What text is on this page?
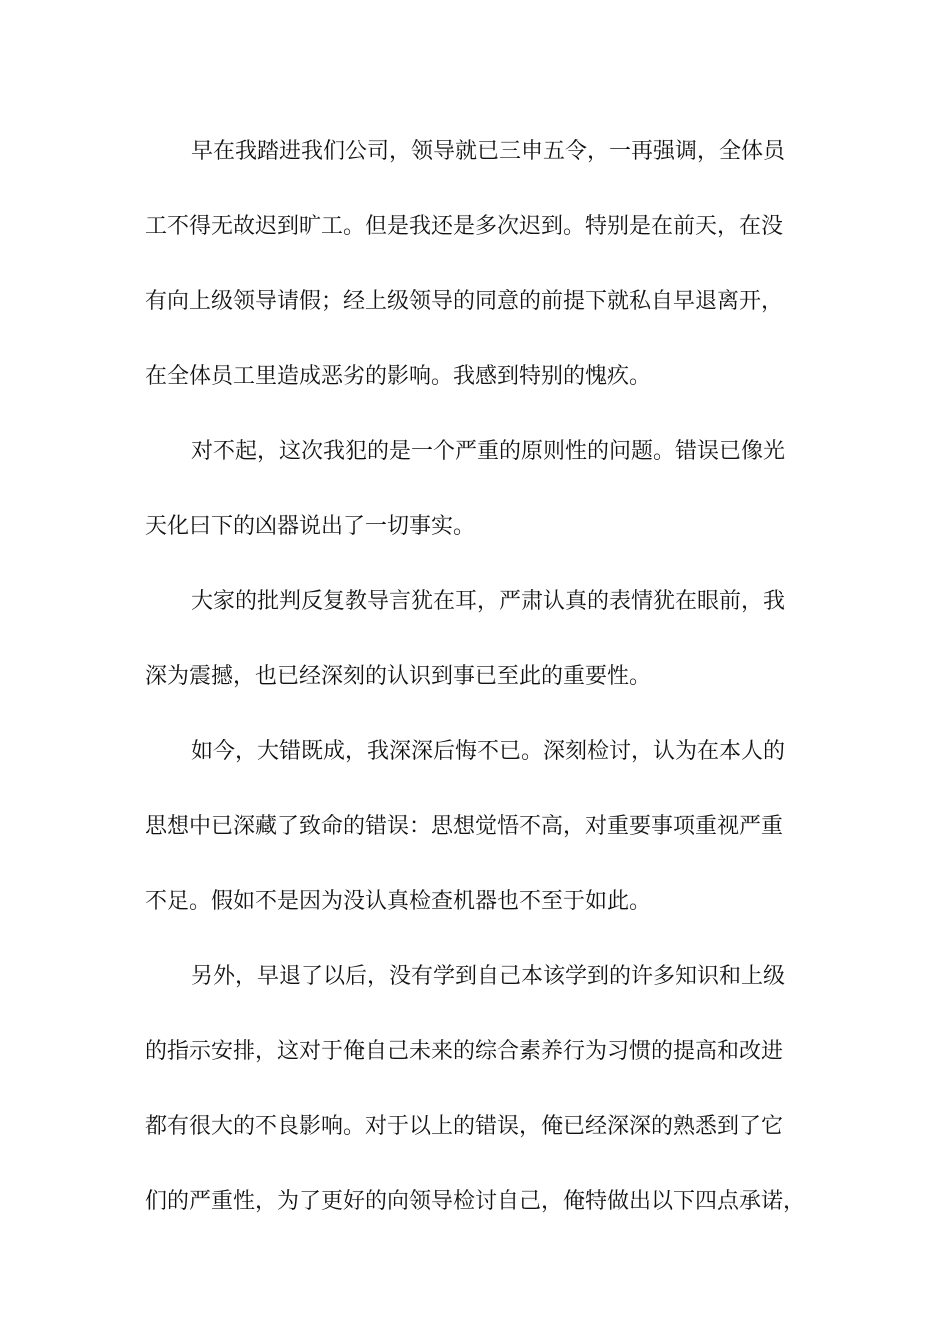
早在我踏进我们公司，领导就已三申五令，一再强调，全体员
工不得无故迟到旷工。但是我还是多次迟到。特别是在前天，在没
有向上级领导请假；经上级领导的同意的前提下就私自早退离开，
在全体员工里造成恶劣的影响。我感到特别的愧疚。
对不起，这次我犯的是一个严重的原则性的问题。错误已像光
天化曰下的凶器说出了一切事实。
大家的批判反复教导言犹在耳，严肃认真的表情犹在眼前，我
深为震撼，也已经深刻的认识到事已至此的重要性。
如今，大错既成，我深深后悔不已。深刻检讨，认为在本人的
思想中已深藏了致命的错误：思想觉悟不高，对重要事项重视严重
不足。假如不是因为没认真检查机器也不至于如此。
另外，早退了以后，没有学到自己本该学到的许多知识和上级
的指示安排，这对于俺自己未来的综合素养行为习惯的提高和改进
都有很大的不良影响。对于以上的错误，俺已经深深的熟悉到了它
们的严重性，为了更好的向领导检讨自己，俺特做出以下四点承诺，
